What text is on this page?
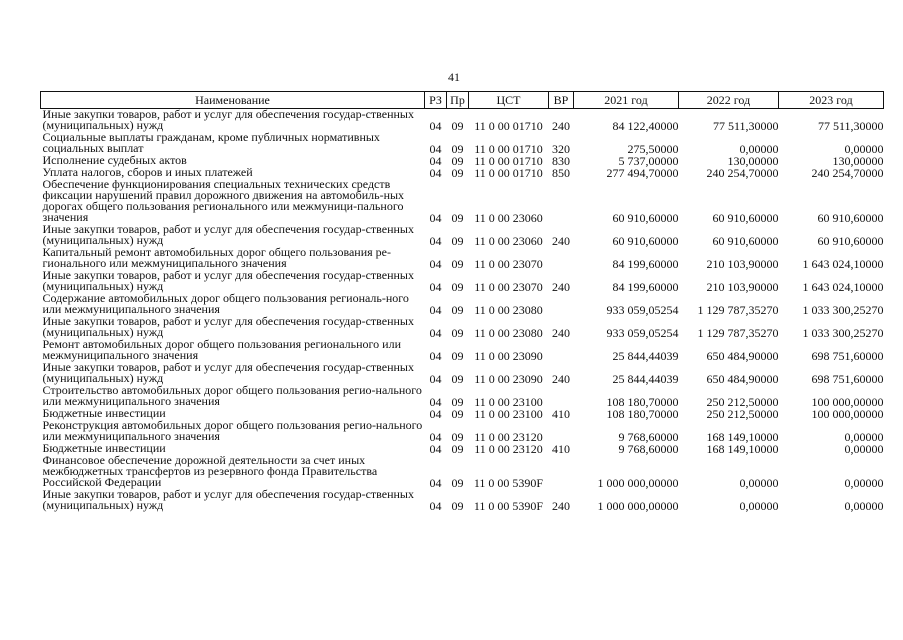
41
Наименование	РЗ	Пр	ЦСТ	ВР	2021 год	2022 год	2023 год
Иные закупки товаров, работ и услуг для обеспечения государ-ственных (муниципальных) нужд	04	09	11 0 00 01710	240	84 122,40000	77 511,30000	77 511,30000
Социальные выплаты гражданам, кроме публичных нормативных социальных выплат	04	09	11 0 00 01710	320	275,50000	0,00000	0,00000
Исполнение судебных актов	04	09	11 0 00 01710	830	5 737,00000	130,00000	130,00000
Уплата налогов, сборов и иных платежей	04	09	11 0 00 01710	850	277 494,70000	240 254,70000	240 254,70000
Обеспечение функционирования специальных технических средств фиксации нарушений правил дорожного движения на автомобиль-ных дорогах общего пользования регионального или межмуници-пального значения	04	09	11 0 00 23060		60 910,60000	60 910,60000	60 910,60000
Иные закупки товаров, работ и услуг для обеспечения государ-ственных (муниципальных) нужд	04	09	11 0 00 23060	240	60 910,60000	60 910,60000	60 910,60000
Капитальный ремонт автомобильных дорог общего пользования ре-гионального или межмуниципального значения	04	09	11 0 00 23070		84 199,60000	210 103,90000	1 643 024,10000
Иные закупки товаров, работ и услуг для обеспечения государ-ственных (муниципальных) нужд	04	09	11 0 00 23070	240	84 199,60000	210 103,90000	1 643 024,10000
Содержание автомобильных дорог общего пользования региональ-ного или межмуниципального значения	04	09	11 0 00 23080		933 059,05254	1 129 787,35270	1 033 300,25270
Иные закупки товаров, работ и услуг для обеспечения государ-ственных (муниципальных) нужд	04	09	11 0 00 23080	240	933 059,05254	1 129 787,35270	1 033 300,25270
Ремонт автомобильных дорог общего пользования регионального или межмуниципального значения	04	09	11 0 00 23090		25 844,44039	650 484,90000	698 751,60000
Иные закупки товаров, работ и услуг для обеспечения государ-ственных (муниципальных) нужд	04	09	11 0 00 23090	240	25 844,44039	650 484,90000	698 751,60000
Строительство автомобильных дорог общего пользования регио-нального или межмуниципального значения	04	09	11 0 00 23100		108 180,70000	250 212,50000	100 000,00000
Бюджетные инвестиции	04	09	11 0 00 23100	410	108 180,70000	250 212,50000	100 000,00000
Реконструкция автомобильных дорог общего пользования регио-нального или межмуниципального значения	04	09	11 0 00 23120		9 768,60000	168 149,10000	0,00000
Бюджетные инвестиции	04	09	11 0 00 23120	410	9 768,60000	168 149,10000	0,00000
Финансовое обеспечение дорожной деятельности за счет иных межбюджетных трансфертов из резервного фонда Правительства Российской Федерации	04	09	11 0 00 5390F		1 000 000,00000	0,00000	0,00000
Иные закупки товаров, работ и услуг для обеспечения государ-ственных (муниципальных) нужд	04	09	11 0 00 5390F	240	1 000 000,00000	0,00000	0,00000
